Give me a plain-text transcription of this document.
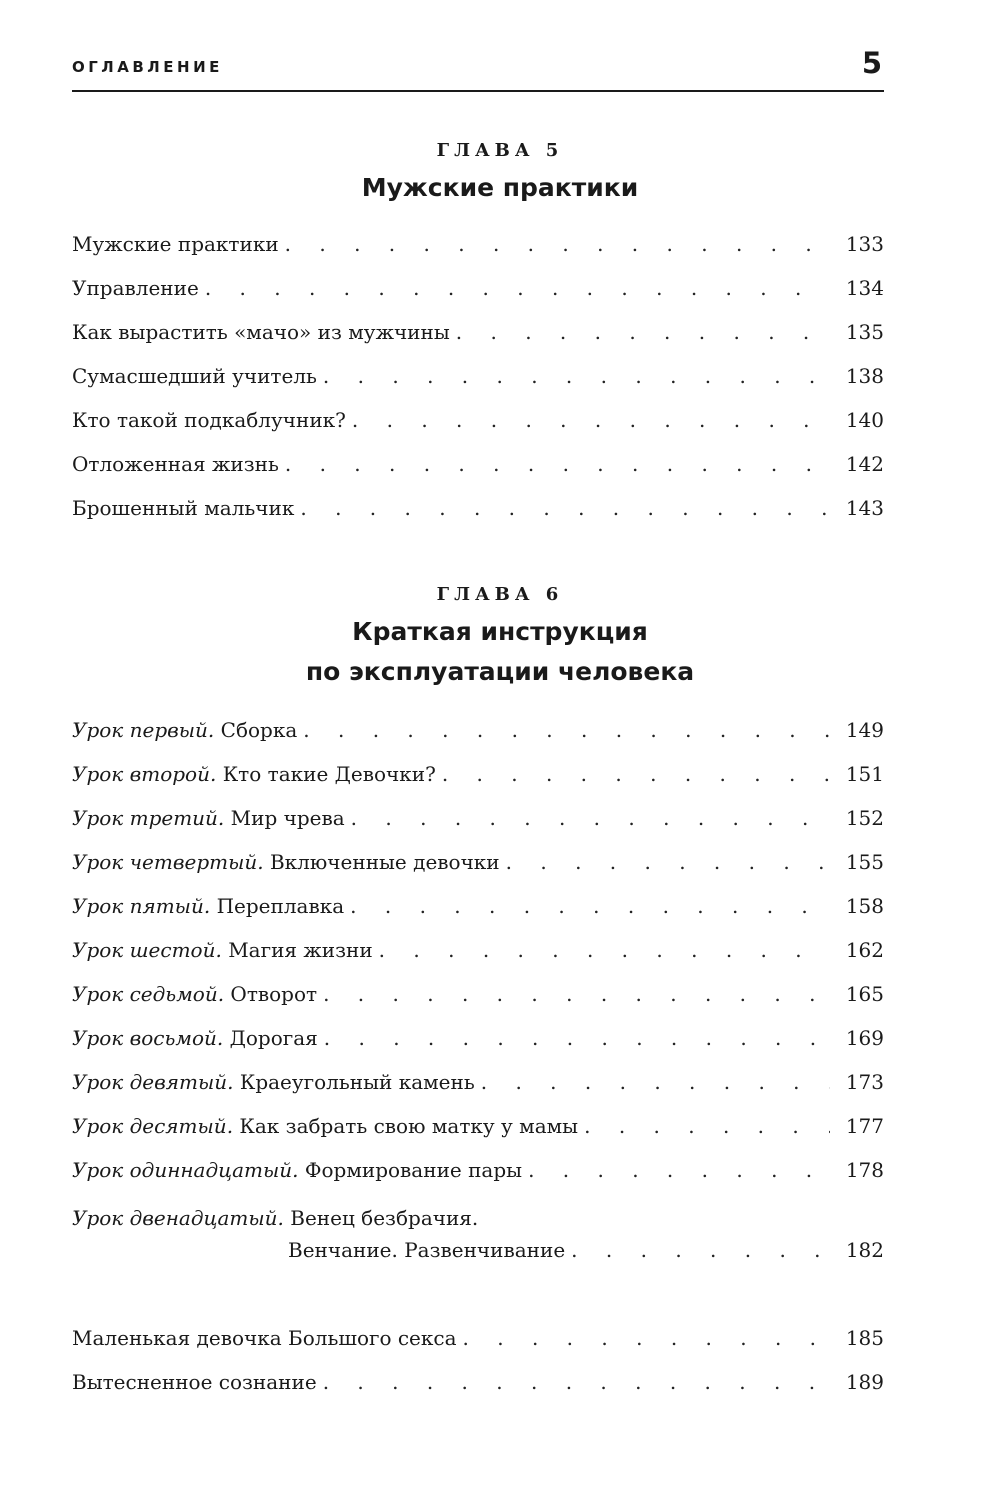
ОГЛАВЛЕНИЕ	5
ГЛАВА 5
Мужские практики
Мужские практики . . .	133
Управление . . .	134
Как вырастить «мачо» из мужчины . . .	135
Сумасшедший учитель . . .	138
Кто такой подкаблучник? . . .	140
Отложенная жизнь . . .	142
Брошенный мальчик . . .	143
ГЛАВА 6
Краткая инструкция
по эксплуатации человека
Урок первый. Сборка . . .	149
Урок второй. Кто такие Девочки? . . .	151
Урок третий. Мир чрева . . .	152
Урок четвертый. Включенные девочки . . .	155
Урок пятый. Переплавка . . .	158
Урок шестой. Магия жизни . . .	162
Урок седьмой. Отворот . . .	165
Урок восьмой. Дорогая . . .	169
Урок девятый. Краеугольный камень . . .	173
Урок десятый. Как забрать свою матку у мамы . . .	177
Урок одиннадцатый. Формирование пары . . .	178
Урок двенадцатый. Венец безбрачия.
Венчание. Развенчивание . . .	182
Маленькая девочка Большого секса . . .	185
Вытесненное сознание . . .	189
